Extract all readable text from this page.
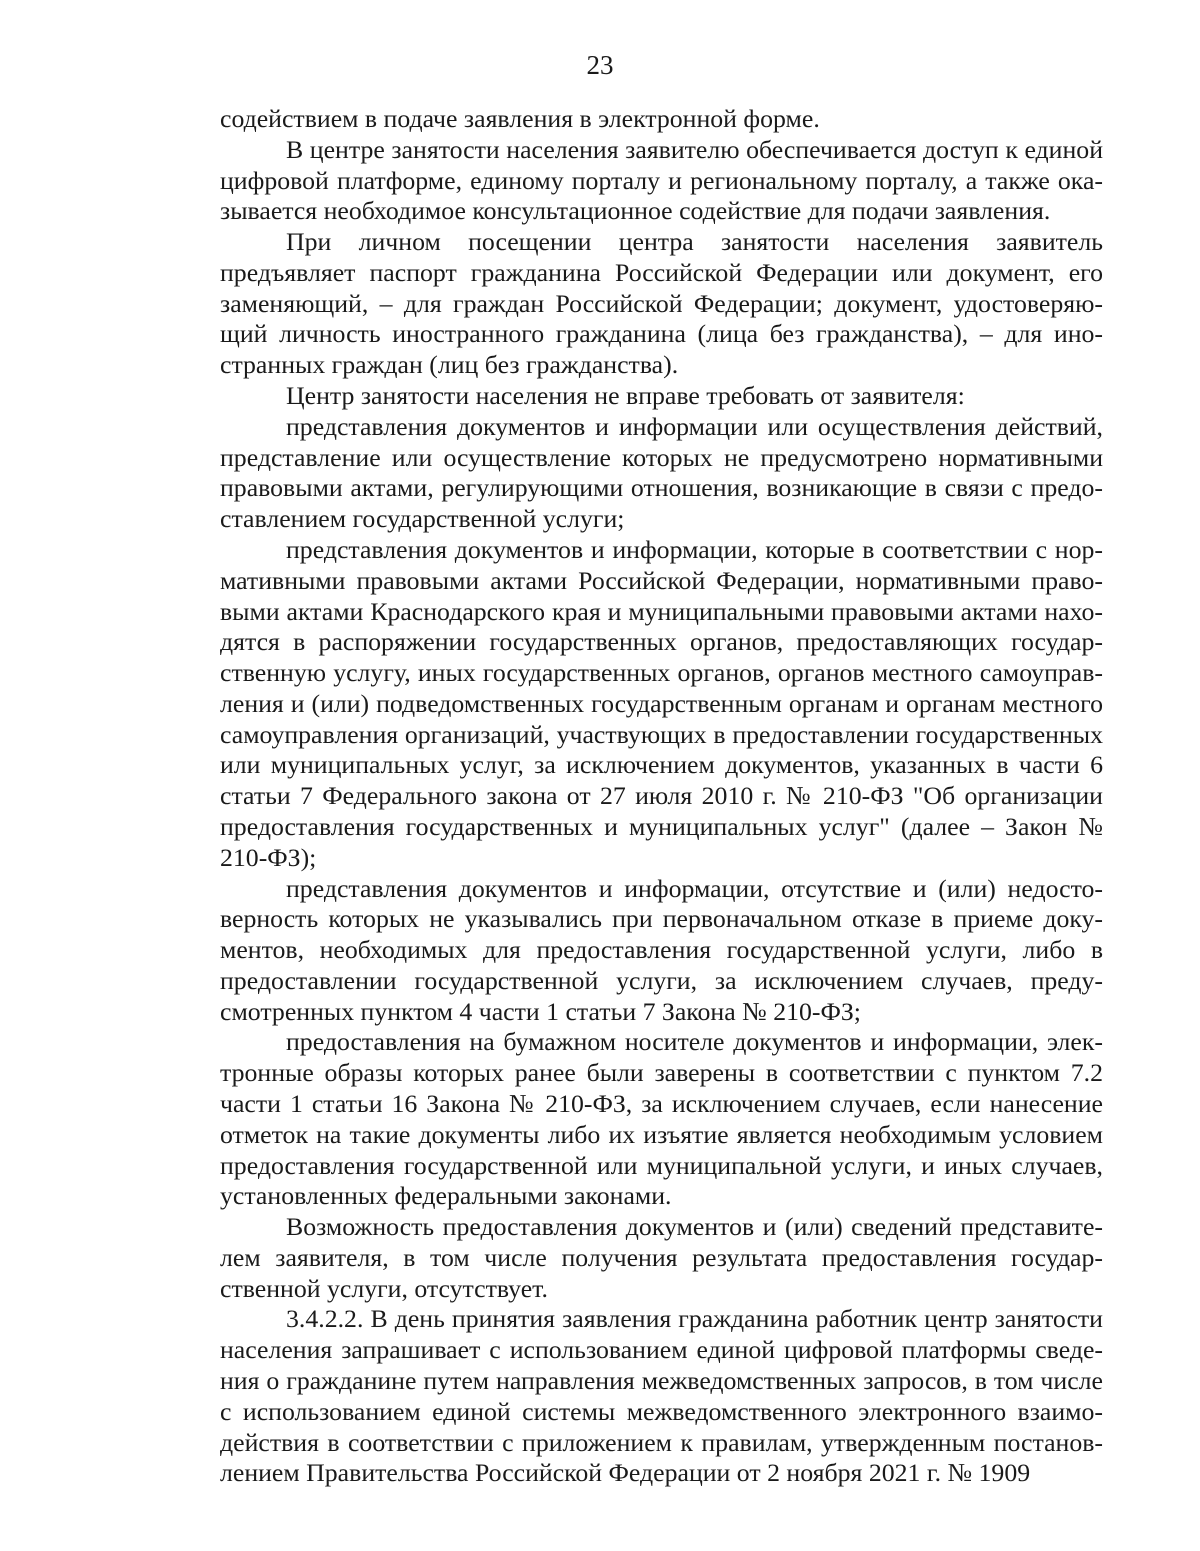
23

содействием в подаче заявления в электронной форме.

В центре занятости населения заявителю обеспечивается доступ к единой цифровой платформе, единому порталу и региональному порталу, а также оказывается необходимое консультационное содействие для подачи заявления.

При личном посещении центра занятости населения заявитель предъявляет паспорт гражданина Российской Федерации или документ, его заменяющий, – для граждан Российской Федерации; документ, удостоверяющий личность иностранного гражданина (лица без гражданства), – для иностранных граждан (лиц без гражданства).

Центр занятости населения не вправе требовать от заявителя:

представления документов и информации или осуществления действий, представление или осуществление которых не предусмотрено нормативными правовыми актами, регулирующими отношения, возникающие в связи с предоставлением государственной услуги;

представления документов и информации, которые в соответствии с нормативными правовыми актами Российской Федерации, нормативными правовыми актами Краснодарского края и муниципальными правовыми актами находятся в распоряжении государственных органов, предоставляющих государственную услугу, иных государственных органов, органов местного самоуправления и (или) подведомственных государственным органам и органам местного самоуправления организаций, участвующих в предоставлении государственных или муниципальных услуг, за исключением документов, указанных в части 6 статьи 7 Федерального закона от 27 июля 2010 г. № 210-ФЗ "Об организации предоставления государственных и муниципальных услуг" (далее – Закон № 210-ФЗ);

представления документов и информации, отсутствие и (или) недостоверность которых не указывались при первоначальном отказе в приеме документов, необходимых для предоставления государственной услуги, либо в предоставлении государственной услуги, за исключением случаев, предусмотренных пунктом 4 части 1 статьи 7 Закона № 210-ФЗ;

предоставления на бумажном носителе документов и информации, электронные образы которых ранее были заверены в соответствии с пунктом 7.2 части 1 статьи 16 Закона № 210-ФЗ, за исключением случаев, если нанесение отметок на такие документы либо их изъятие является необходимым условием предоставления государственной или муниципальной услуги, и иных случаев, установленных федеральными законами.

Возможность предоставления документов и (или) сведений представителем заявителя, в том числе получения результата предоставления государственной услуги, отсутствует.

3.4.2.2. В день принятия заявления гражданина работник центр занятости населения запрашивает с использованием единой цифровой платформы сведения о гражданине путем направления межведомственных запросов, в том числе с использованием единой системы межведомственного электронного взаимодействия в соответствии с приложением к правилам, утвержденным постановлением Правительства Российской Федерации от 2 ноября 2021 г. № 1909
